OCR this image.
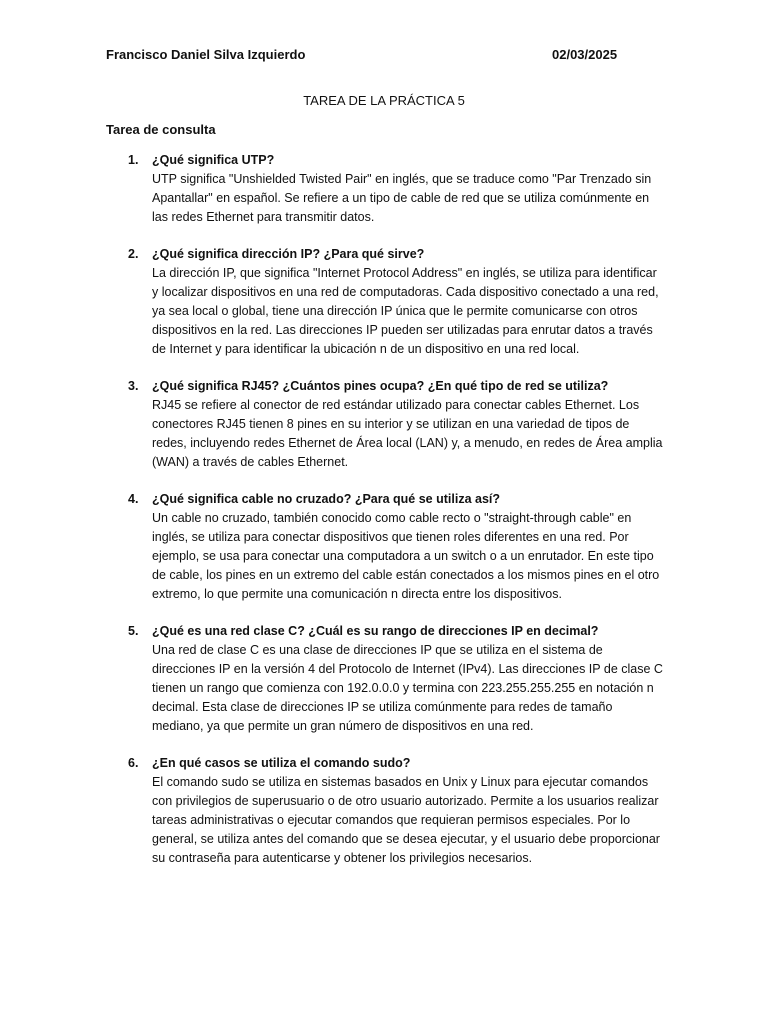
Francisco Daniel Silva Izquierdo	02/03/2025
TAREA DE LA PRÁCTICA 5
Tarea de consulta
1. ¿Qué significa UTP?
UTP significa "Unshielded Twisted Pair" en inglés, que se traduce como "Par Trenzado sin Apantallar" en español. Se refiere a un tipo de cable de red que se utiliza comúnmente en las redes Ethernet para transmitir datos.
2. ¿Qué significa dirección IP? ¿Para qué sirve?
La dirección IP, que significa "Internet Protocol Address" en inglés, se utiliza para identificar y localizar dispositivos en una red de computadoras. Cada dispositivo conectado a una red, ya sea local o global, tiene una dirección IP única que le permite comunicarse con otros dispositivos en la red. Las direcciones IP pueden ser utilizadas para enrutar datos a través de Internet y para identificar la ubicación n de un dispositivo en una red local.
3. ¿Qué significa RJ45? ¿Cuántos pines ocupa? ¿En qué tipo de red se utiliza?
RJ45 se refiere al conector de red estándar utilizado para conectar cables Ethernet. Los conectores RJ45 tienen 8 pines en su interior y se utilizan en una variedad de tipos de redes, incluyendo redes Ethernet de Área local (LAN) y, a menudo, en redes de Área amplia (WAN) a través de cables Ethernet.
4. ¿Qué significa cable no cruzado? ¿Para qué se utiliza así?
Un cable no cruzado, también conocido como cable recto o "straight-through cable" en inglés, se utiliza para conectar dispositivos que tienen roles diferentes en una red. Por ejemplo, se usa para conectar una computadora a un switch o a un enrutador. En este tipo de cable, los pines en un extremo del cable están conectados a los mismos pines en el otro extremo, lo que permite una comunicación n directa entre los dispositivos.
5. ¿Qué es una red clase C? ¿Cuál es su rango de direcciones IP en decimal?
Una red de clase C es una clase de direcciones IP que se utiliza en el sistema de direcciones IP en la versión 4 del Protocolo de Internet (IPv4). Las direcciones IP de clase C tienen un rango que comienza con 192.0.0.0 y termina con 223.255.255.255 en notación n decimal. Esta clase de direcciones IP se utiliza comúnmente para redes de tamaño mediano, ya que permite un gran número de dispositivos en una red.
6. ¿En qué casos se utiliza el comando sudo?
El comando sudo se utiliza en sistemas basados en Unix y Linux para ejecutar comandos con privilegios de superusuario o de otro usuario autorizado. Permite a los usuarios realizar tareas administrativas o ejecutar comandos que requieran permisos especiales. Por lo general, se utiliza antes del comando que se desea ejecutar, y el usuario debe proporcionar su contraseña para autenticarse y obtener los privilegios necesarios.
